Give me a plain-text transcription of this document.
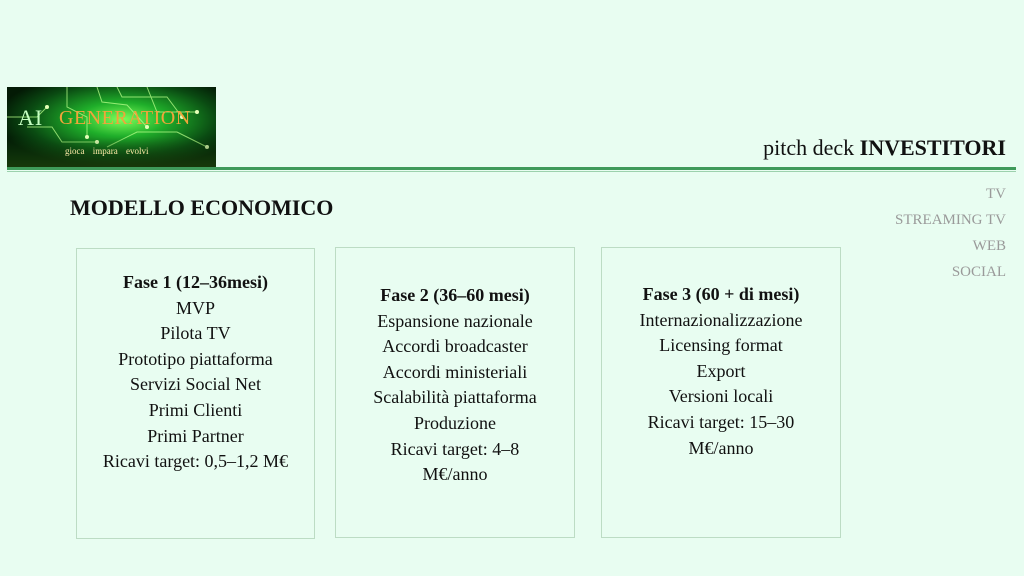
AI GENERATION
gioca impara evolvi	pitch deck INVESTITORI
TV
STREAMING TV
WEB
SOCIAL
MODELLO ECONOMICO
Fase 1 (12–36mesi)
MVP
Pilota TV
Prototipo piattaforma
Servizi Social Net
Primi Clienti
Primi Partner
Ricavi target: 0,5–1,2 M€
Fase 2 (36–60 mesi)
Espansione nazionale
Accordi broadcaster
Accordi ministeriali
Scalabilità piattaforma
Produzione
Ricavi target: 4–8
M€/anno
Fase 3 (60 + di mesi)
Internazionalizzazione
Licensing format
Export
Versioni locali
Ricavi target: 15–30
M€/anno
